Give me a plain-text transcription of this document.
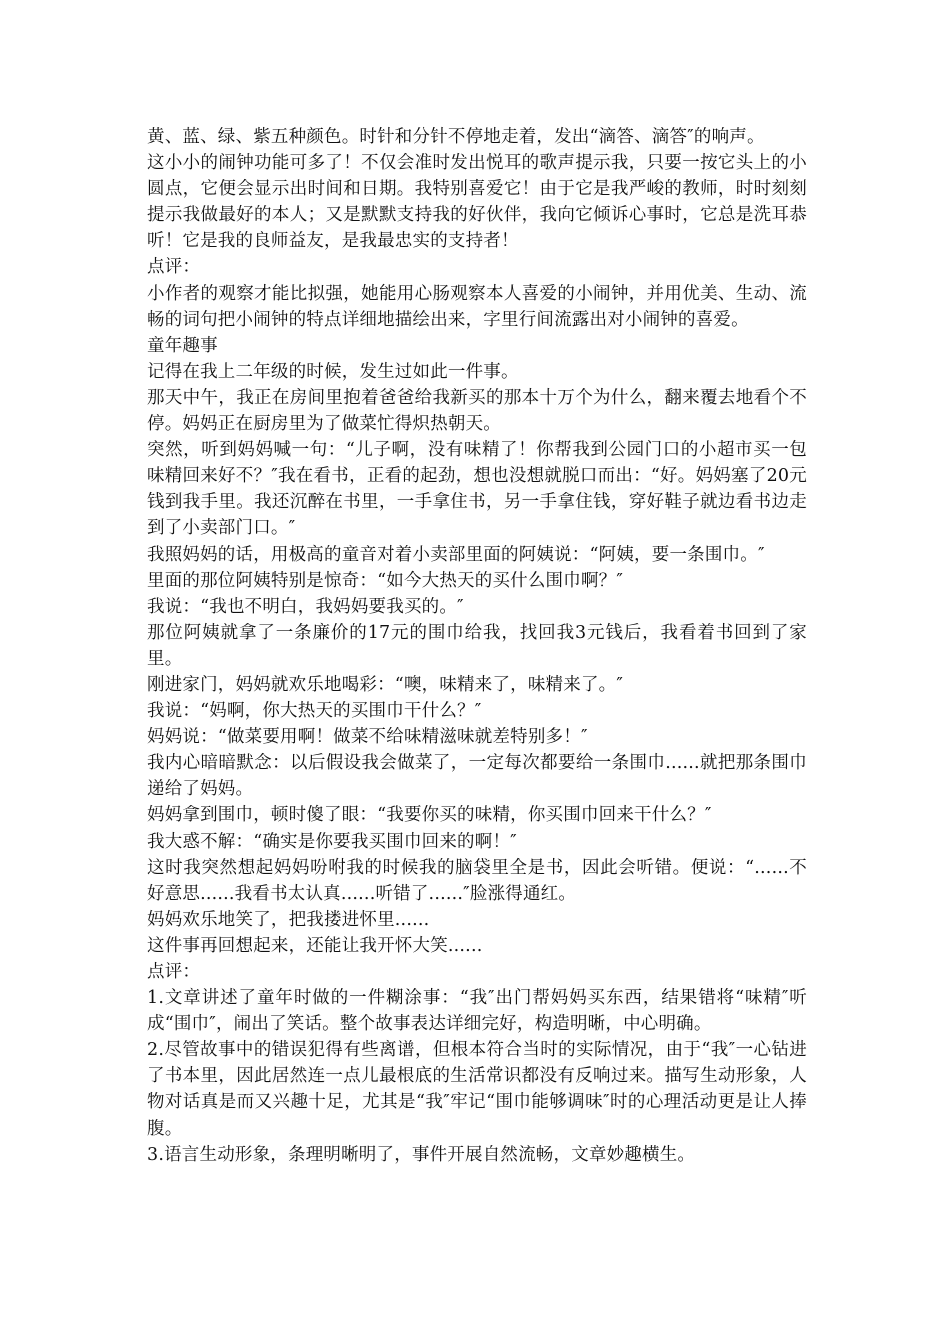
黄、蓝、绿、紫五种颜色。时针和分针不停地走着，发出“滴答、滴答″的响声。

这小小的闹钟功能可多了！不仅会准时发出悦耳的歌声提示我，只要一按它头上的小圆点，它便会显示出时间和日期。我特别喜爱它！由于它是我严峻的教师，时时刻刻提示我做最好的本人；又是默默支持我的好伙伴，我向它倾诉心事时，它总是洗耳恭听！它是我的良师益友，是我最忠实的支持者！

点评：

小作者的观察才能比拟强，她能用心肠观察本人喜爱的小闹钟，并用优美、生动、流畅的词句把小闹钟的特点详细地描绘出来，字里行间流露出对小闹钟的喜爱。

童年趣事

记得在我上二年级的时候，发生过如此一件事。

那天中午，我正在房间里抱着爸爸给我新买的那本十万个为什么，翻来覆去地看个不停。妈妈正在厨房里为了做菜忙得炽热朝天。

突然，听到妈妈喊一句：“儿子啊，没有味精了！你帮我到公园门口的小超市买一包味精回来好不？″我在看书，正看的起劲，想也没想就脱口而出：“好。妈妈塞了20元钱到我手里。我还沉醉在书里，一手拿住书，另一手拿住钱，穿好鞋子就边看书边走到了小卖部门口。″

我照妈妈的话，用极高的童音对着小卖部里面的阿姨说：“阿姨，要一条围巾。″

里面的那位阿姨特别是惊奇：“如今大热天的买什么围巾啊？″

我说：“我也不明白，我妈妈要我买的。″

那位阿姨就拿了一条廉价的17元的围巾给我，找回我3元钱后，我看着书回到了家里。

刚进家门，妈妈就欢乐地喝彩：“噢，味精来了，味精来了。″

我说：“妈啊，你大热天的买围巾干什么？″

妈妈说：“做菜要用啊！做菜不给味精滋味就差特别多！″

我内心暗暗默念：以后假设我会做菜了，一定每次都要给一条围巾......就把那条围巾递给了妈妈。

妈妈拿到围巾，顿时傻了眼：“我要你买的味精，你买围巾回来干什么？″

我大惑不解：“确实是你要我买围巾回来的啊！″

这时我突然想起妈妈吩咐我的时候我的脑袋里全是书，因此会听错。便说：“......不好意思......我看书太认真......听错了......″脸涨得通红。

妈妈欢乐地笑了，把我搂进怀里......

这件事再回想起来，还能让我开怀大笑......

点评：

1.文章讲述了童年时做的一件糊涂事：“我″出门帮妈妈买东西，结果错将“味精″听成“围巾″，闹出了笑话。整个故事表达详细完好，构造明晰，中心明确。

2.尽管故事中的错误犯得有些离谱，但根本符合当时的实际情况，由于“我″一心钻进了书本里，因此居然连一点儿最根底的生活常识都没有反响过来。描写生动形象，人物对话真是而又兴趣十足，尤其是“我″牢记“围巾能够调味″时的心理活动更是让人捧腹。

3.语言生动形象，条理明晰明了，事件开展自然流畅，文章妙趣横生。
